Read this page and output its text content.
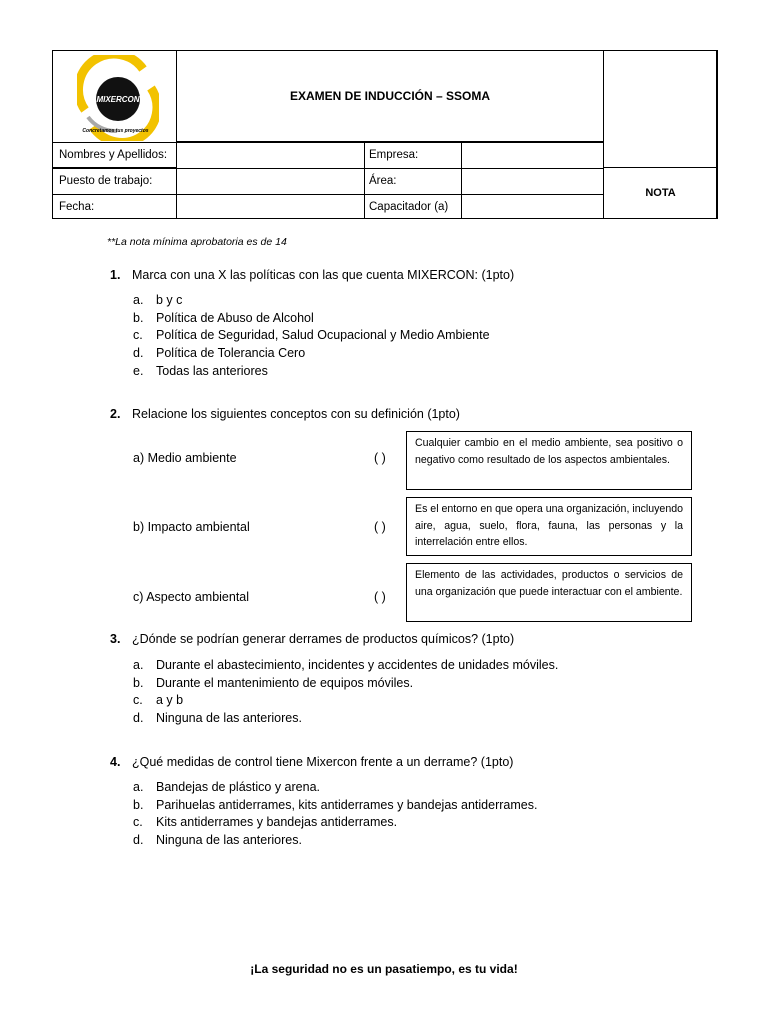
MIXERCON
Concretamos tus proyectos
EXAMEN DE INDUCCIÓN – SSOMA
NOTA
Nombres y Apellidos:	Empresa:
Puesto de trabajo:	Área:
Fecha:	Capacitador (a)
**La nota mínima aprobatoria es de 14
1. Marca con una X las políticas con las que cuenta MIXERCON: (1pto)
a. b y c
b. Política de Abuso de Alcohol
c. Política de Seguridad, Salud Ocupacional y Medio Ambiente
d. Política de Tolerancia Cero
e. Todas las anteriores
2. Relacione los siguientes conceptos con su definición (1pto)
a) Medio ambiente	( )
Cualquier cambio en el medio ambiente, sea positivo o negativo como resultado de los aspectos ambientales.
b) Impacto ambiental	( )
Es el entorno en que opera una organización, incluyendo aire, agua, suelo, flora, fauna, las personas y la interrelación entre ellos.
c) Aspecto ambiental	( )
Elemento de las actividades, productos o servicios de una organización que puede interactuar con el ambiente.
3. ¿Dónde se podrían generar derrames de productos químicos? (1pto)
a. Durante el abastecimiento, incidentes y accidentes de unidades móviles.
b. Durante el mantenimiento de equipos móviles.
c. a y b
d. Ninguna de las anteriores.
4. ¿Qué medidas de control tiene Mixercon frente a un derrame? (1pto)
a. Bandejas de plástico y arena.
b. Parihuelas antiderrames, kits antiderrames y bandejas antiderrames.
c. Kits antiderrames y bandejas antiderrames.
d. Ninguna de las anteriores.
¡La seguridad no es un pasatiempo, es tu vida!
